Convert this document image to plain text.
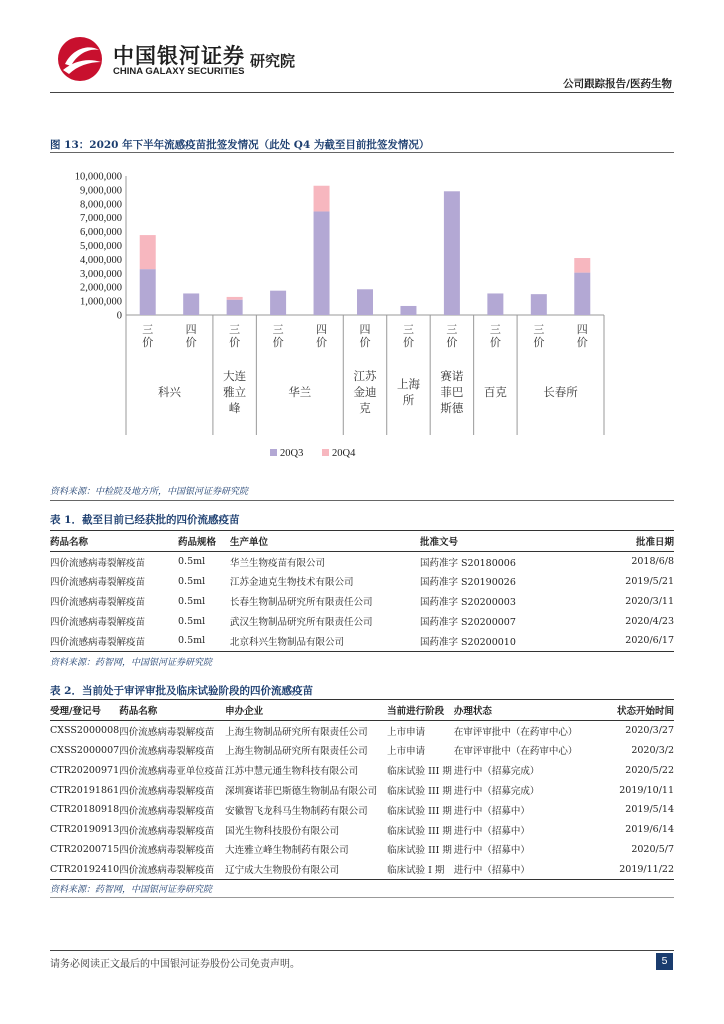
中国银河证券
CHINA GALAXY SECURITIES
研究院
公司跟踪报告/医药生物
图 13：2020 年下半年流感疫苗批签发情况（此处 Q4 为截至目前批签发情况）
0
1,000,000
2,000,000
3,000,000
4,000,000
5,000,000
6,000,000
7,000,000
8,000,000
9,000,000
10,000,000
三
价
四
价
三
价
三
价
四
价
四
价
三
价
三
价
三
价
三
价
四
价
科兴
大连
雅立
峰
华兰
江苏
金迪
克
上海
所
赛诺
菲巴
斯德
百克	长春所
20Q3	20Q4
资料来源：中检院及地方所，中国银河证券研究院
表 1．截至目前已经获批的四价流感疫苗
药品名称	药品规格	生产单位	批准文号	批准日期
四价流感病毒裂解疫苗	0.5ml	华兰生物疫苗有限公司	国药准字 S20180006	2018/6/8
四价流感病毒裂解疫苗	0.5ml	江苏金迪克生物技术有限公司	国药准字 S20190026	2019/5/21
四价流感病毒裂解疫苗	0.5ml	长春生物制品研究所有限责任公司	国药准字 S20200003	2020/3/11
四价流感病毒裂解疫苗	0.5ml	武汉生物制品研究所有限责任公司	国药准字 S20200007	2020/4/23
四价流感病毒裂解疫苗	0.5ml	北京科兴生物制品有限公司	国药准字 S20200010	2020/6/17
资料来源：药智网，中国银河证券研究院
表 2．当前处于审评审批及临床试验阶段的四价流感疫苗
受理/登记号	药品名称	申办企业	当前进行阶段	办理状态	状态开始时间
CXSS2000008	四价流感病毒裂解疫苗	上海生物制品研究所有限责任公司	上市申请	在审评审批中（在药审中心）	2020/3/27
CXSS2000007	四价流感病毒裂解疫苗	上海生物制品研究所有限责任公司	上市申请	在审评审批中（在药审中心）	2020/3/2
CTR20200971	四价流感病毒亚单位疫苗	江苏中慧元通生物科技有限公司	临床试验 III 期	进行中（招募完成）	2020/5/22
CTR20191861	四价流感病毒裂解疫苗	深圳赛诺菲巴斯德生物制品有限公司	临床试验 III 期	进行中（招募完成）	2019/10/11
CTR20180918	四价流感病毒裂解疫苗	安徽智飞龙科马生物制药有限公司	临床试验 III 期	进行中（招募中）	2019/5/14
CTR20190913	四价流感病毒裂解疫苗	国光生物科技股份有限公司	临床试验 III 期	进行中（招募中）	2019/6/14
CTR20200715	四价流感病毒裂解疫苗	大连雅立峰生物制药有限公司	临床试验 III 期	进行中（招募中）	2020/5/7
CTR20192410	四价流感病毒裂解疫苗	辽宁成大生物股份有限公司	临床试验 I 期	进行中（招募中）	2019/11/22
资料来源：药智网，中国银河证券研究院
请务必阅读正文最后的中国银河证券股份公司免责声明。	5
